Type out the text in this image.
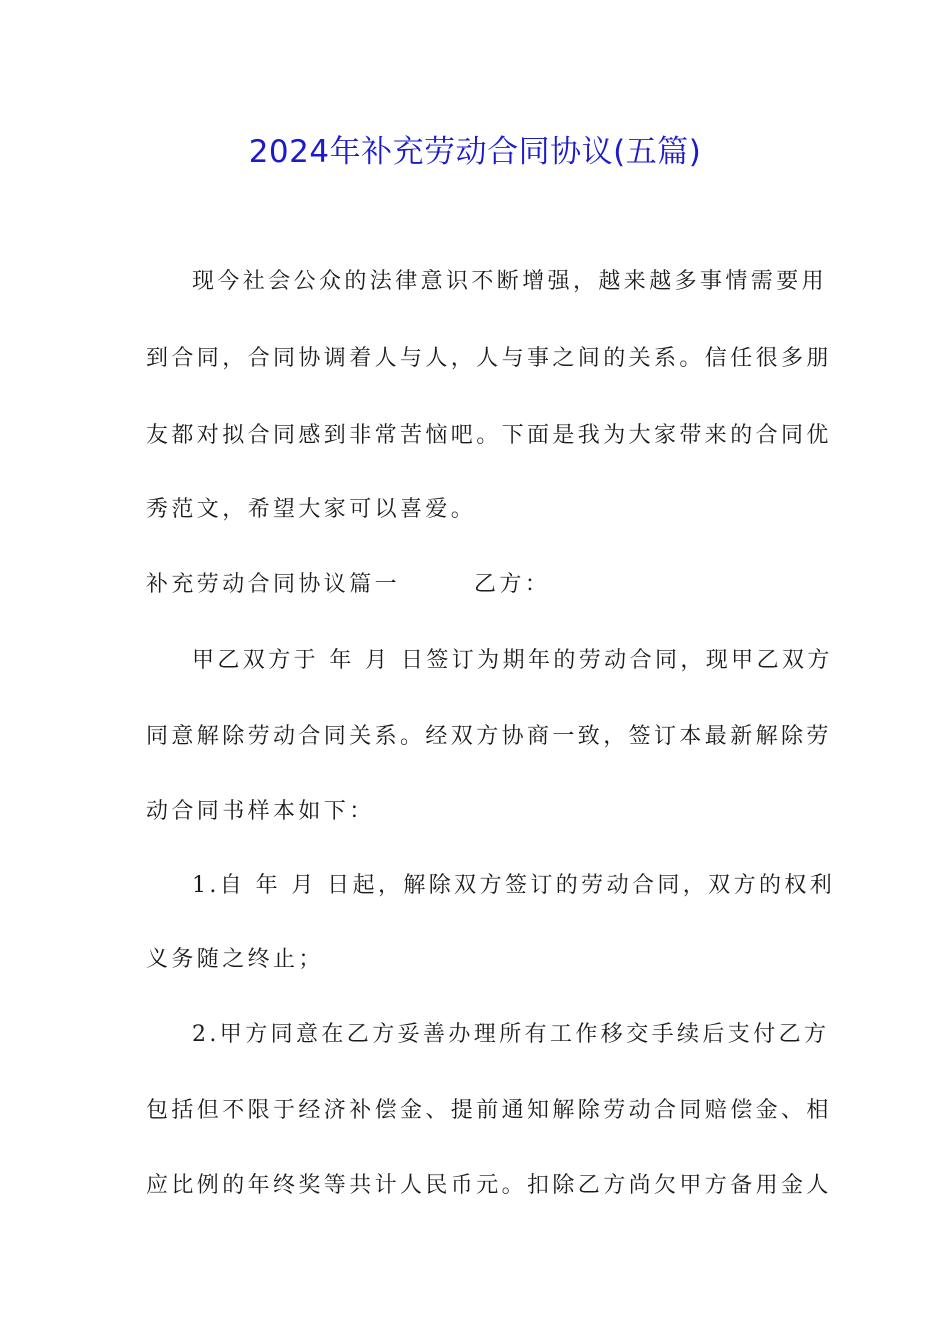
2024年补充劳动合同协议(五篇)
现今社会公众的法律意识不断增强，越来越多事情需要用
到合同，合同协调着人与人，人与事之间的关系。信任很多朋
友都对拟合同感到非常苦恼吧。下面是我为大家带来的合同优
秀范文，希望大家可以喜爱。
补充劳动合同协议篇一	乙方：
甲乙双方于 年 月 日签订为期年的劳动合同，现甲乙双方
同意解除劳动合同关系。经双方协商一致，签订本最新解除劳
动合同书样本如下：
1.自 年 月 日起，解除双方签订的劳动合同，双方的权利
义务随之终止；
2.甲方同意在乙方妥善办理所有工作移交手续后支付乙方
包括但不限于经济补偿金、提前通知解除劳动合同赔偿金、相
应比例的年终奖等共计人民币元。扣除乙方尚欠甲方备用金人
